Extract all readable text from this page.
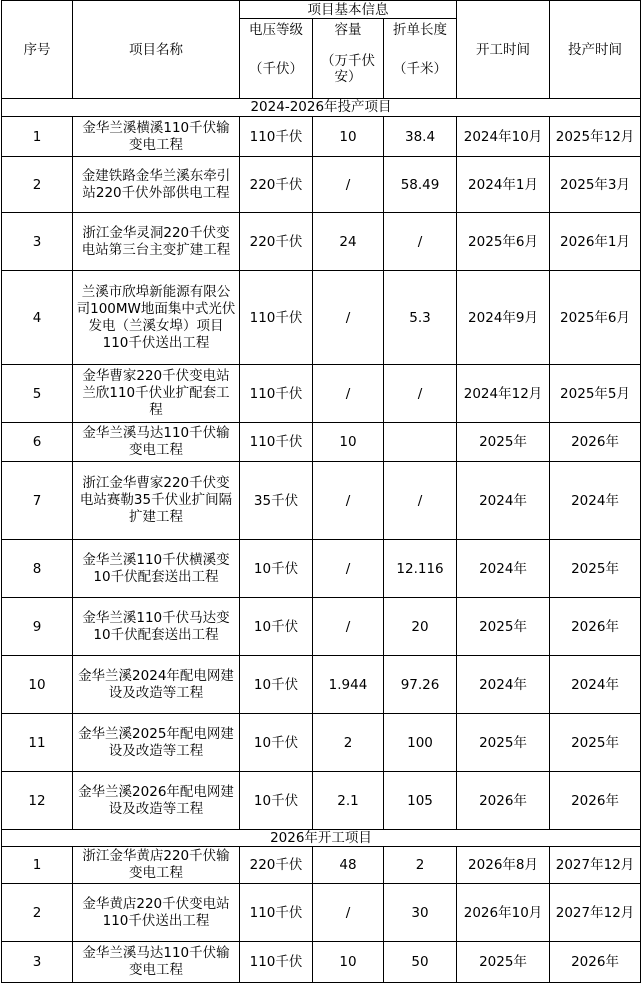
序号	项目名称	项目基本信息			开工时间	投产时间
		电压等级	容量	折单长度		
		（千伏）	（万千伏安）	（千米）		
2024-2026年投产项目						
1	金华兰溪横溪110千伏输变电工程	110千伏	10	38.4	2024年10月	2025年12月
2	金建铁路金华兰溪东牵引站220千伏外部供电工程	220千伏	/	58.49	2024年1月	2025年3月
3	浙江金华灵洞220千伏变电站第三台主变扩建工程	220千伏	24	/	2025年6月	2026年1月
4	兰溪市欣埠新能源有限公司100MW地面集中式光伏发电（兰溪女埠）项目110千伏送出工程	110千伏	/	5.3	2024年9月	2025年6月
5	金华曹家220千伏变电站兰欣110千伏业扩配套工程	110千伏	/	/	2024年12月	2025年5月
6	金华兰溪马达110千伏输变电工程	110千伏	10		2025年	2026年
7	浙江金华曹家220千伏变电站赛勒35千伏业扩间隔扩建工程	35千伏	/	/	2024年	2024年
8	金华兰溪110千伏横溪变10千伏配套送出工程	10千伏	/	12.116	2024年	2025年
9	金华兰溪110千伏马达变10千伏配套送出工程	10千伏	/	20	2025年	2026年
10	金华兰溪2024年配电网建设及改造等工程	10千伏	1.944	97.26	2024年	2024年
11	金华兰溪2025年配电网建设及改造等工程	10千伏	2	100	2025年	2025年
12	金华兰溪2026年配电网建设及改造等工程	10千伏	2.1	105	2026年	2026年
2026年开工项目						
1	浙江金华黄店220千伏输变电工程	220千伏	48	2	2026年8月	2027年12月
2	金华黄店220千伏变电站110千伏送出工程	110千伏	/	30	2026年10月	2027年12月
3	金华兰溪马达110千伏输变电工程	110千伏	10	50	2025年	2026年
